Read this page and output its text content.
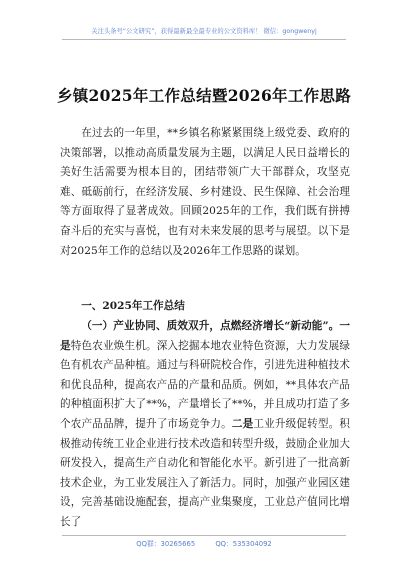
关注头条号“公文研究”，获得最新最全最专业的公文资料库！ 微信：gongwenyj
乡镇2025年工作总结暨2026年工作思路

在过去的一年里，**乡镇名称紧紧围绕上级党委、政府的决策部署，以推动高质量发展为主题，以满足人民日益增长的美好生活需要为根本目的，团结带领广大干部群众，攻坚克难、砥砺前行，在经济发展、乡村建设、民生保障、社会治理等方面取得了显著成效。回顾2025年的工作，我们既有拼搏奋斗后的充实与喜悦，也有对未来发展的思考与展望。以下是对2025年工作的总结以及2026年工作思路的谋划。

一、2025年工作总结

（一）产业协同、质效双升，点燃经济增长“新动能”。一是特色农业焕生机。深入挖掘本地农业特色资源，大力发展绿色有机农产品种植。通过与科研院校合作，引进先进种植技术和优良品种，提高农产品的产量和品质。例如，**具体农产品的种植面积扩大了**%，产量增长了**%，并且成功打造了多个农产品品牌，提升了市场竞争力。二是工业升级促转型。积极推动传统工业企业进行技术改造和转型升级，鼓励企业加大研发投入，提高生产自动化和智能化水平。新引进了一批高新技术企业，为工业发展注入了新活力。同时，加强产业园区建设，完善基础设施配套，提高产业集聚度，工业总产值同比增长了

QQ群：30265665	QQ：535304092
